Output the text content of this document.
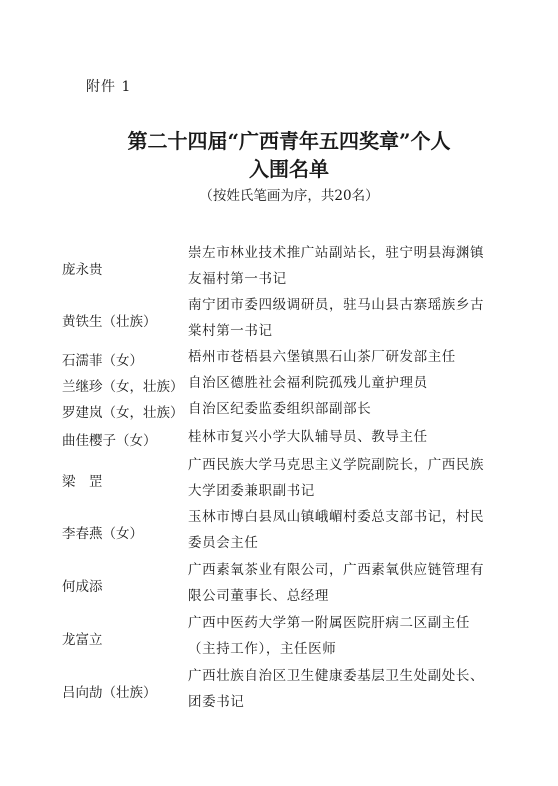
附件 1
第二十四届“广西青年五四奖章”个人
入围名单
（按姓氏笔画为序，共20名）
庞永贵
崇左市林业技术推广站副站长，驻宁明县海渊镇友福村第一书记
黄铁生（壮族）
南宁团市委四级调研员，驻马山县古寨瑶族乡古棠村第一书记
石濡菲（女）	梧州市苍梧县六堡镇黑石山茶厂研发部主任
兰继珍（女，壮族） 自治区德胜社会福利院孤残儿童护理员
罗建岚（女，壮族） 自治区纪委监委组织部副部长
曲佳樱子（女） 桂林市复兴小学大队辅导员、教导主任
梁　罡
广西民族大学马克思主义学院副院长，广西民族大学团委兼职副书记
李春燕（女）
玉林市博白县凤山镇峨嵋村委总支部书记，村民委员会主任
何成添
广西素氧茶业有限公司，广西素氧供应链管理有限公司董事长、总经理
龙富立
广西中医药大学第一附属医院肝病二区副主任（主持工作），主任医师
吕向劼（壮族）
广西壮族自治区卫生健康委基层卫生处副处长、团委书记
